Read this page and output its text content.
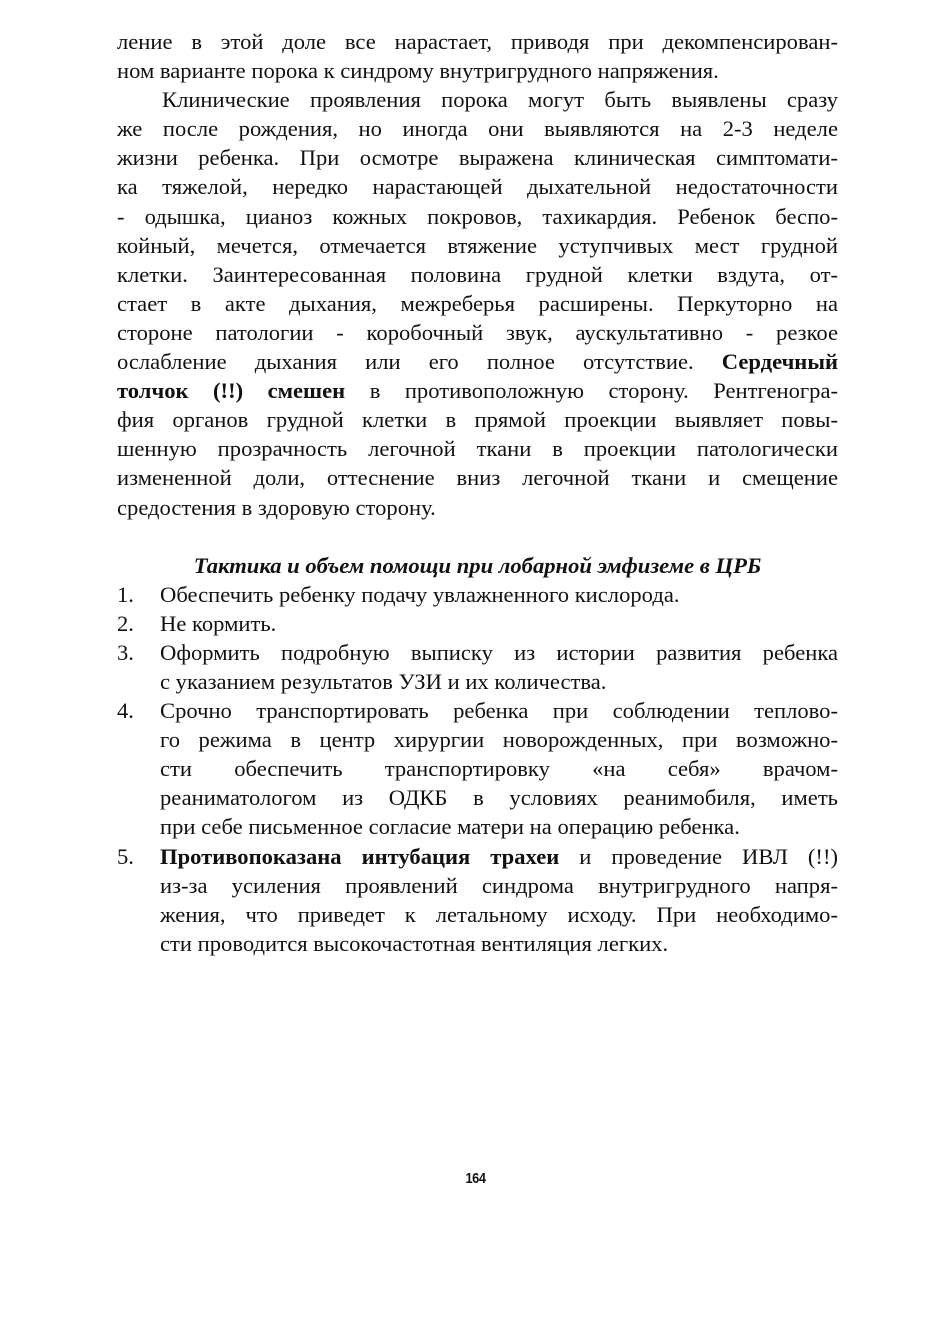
ление в этой доле все нарастает, приводя при декомпенсирован-
ном варианте порока к синдрому внутригрудного напряжения.
Клинические проявления порока могут быть выявлены сразу
же после рождения, но иногда они выявляются на 2-3 неделе
жизни ребенка. При осмотре выражена клиническая симптомати-
ка тяжелой, нередко нарастающей дыхательной недостаточности
- одышка, цианоз кожных покровов, тахикардия. Ребенок беспо-
койный, мечется, отмечается втяжение уступчивых мест грудной
клетки. Заинтересованная половина грудной клетки вздута, от-
стает в акте дыхания, межреберья расширены. Перкуторно на
стороне патологии - коробочный звук, аускультативно - резкое
ослабление дыхания или его полное отсутствие. Сердечный
толчок (!!) смешен в противоположную сторону. Рентгеногра-
фия органов грудной клетки в прямой проекции выявляет повы-
шенную прозрачность легочной ткани в проекции патологически
измененной доли, оттеснение вниз легочной ткани и смещение
средостения в здоровую сторону.
Тактика и объем помощи при лобарной эмфиземе в ЦРБ
1.	Обеспечить ребенку подачу увлажненного кислорода.
2.	Не кормить.
3.	Оформить подробную выписку из истории развития ребенка
с указанием результатов УЗИ и их количества.
4.	Срочно транспортировать ребенка при соблюдении теплово-
го режима в центр хирургии новорожденных, при возможно-
сти обеспечить транспортировку «на себя» врачом-
реаниматологом из ОДКБ в условиях реанимобиля, иметь
при себе письменное согласие матери на операцию ребенка.
5.	Противопоказана интубация трахеи и проведение ИВЛ (!!)
из-за усиления проявлений синдрома внутригрудного напря-
жения, что приведет к летальному исходу. При необходимо-
сти проводится высокочастотная вентиляция легких.
164
